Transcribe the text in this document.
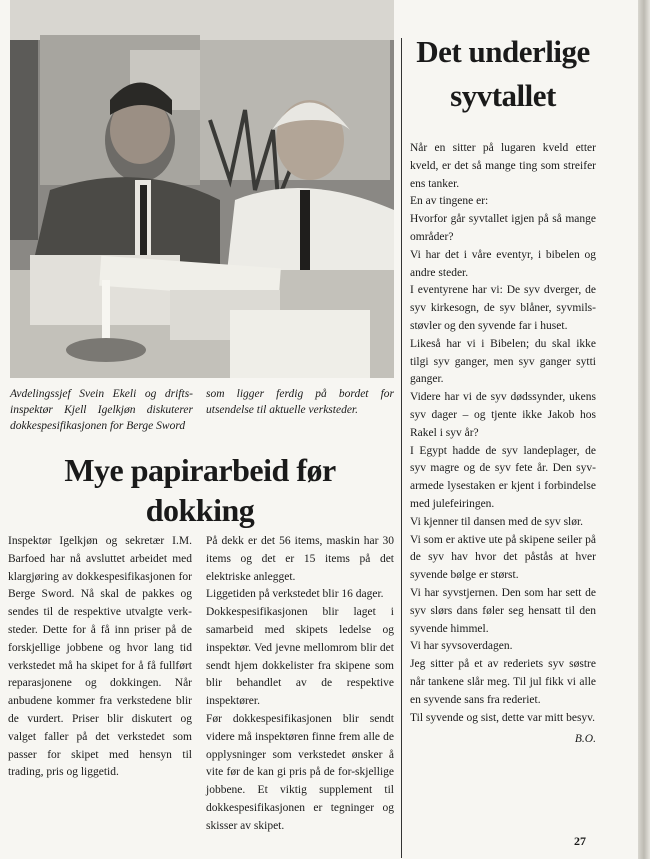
Avdelingssjef Svein Ekeli og drifts-inspektør Kjell Igelkjøn diskuterer dokkespesifikasjonen for Berge Sword
som ligger ferdig på bordet for utsendelse til aktuelle verksteder.
Det underlige syvtallet

Når en sitter på lugaren kveld etter kveld, er det så mange ting som streifer ens tanker.

En av tingene er:

Hvorfor går syvtallet igjen på så mange områder?

Vi har det i våre eventyr, i bibelen og andre steder.

I eventyrene har vi: De syv dverger, de syv kirkesogn, de syv blåner, syvmils-støvler og den syvende far i huset.

Likeså har vi i Bibelen; du skal ikke tilgi syv ganger, men syv ganger sytti ganger.

Videre har vi de syv dødssynder, ukens syv dager – og tjente ikke Jakob hos Rakel i syv år?

I Egypt hadde de syv landeplager, de syv magre og de syv fete år. Den syv-armede lysestaken er kjent i forbindelse med julefeiringen.

Vi kjenner til dansen med de syv slør.

Vi som er aktive ute på skipene seiler på de syv hav hvor det påstås at hver syvende bølge er størst.

Vi har syvstjernen. Den som har sett de syv slørs dans føler seg hensatt til den syvende himmel.

Vi har syvsoverdagen.

Jeg sitter på et av rederiets syv søstre når tankene slår meg. Til jul fikk vi alle en syvende sans fra rederiet.

Til syvende og sist, dette var mitt besyv.

B.O.
Mye papirarbeid før dokking

Inspektør Igelkjøn og sekretær I.M. Barfoed har nå avsluttet arbeidet med klargjøring av dokkespesifikasjonen for Berge Sword. Nå skal de pakkes og sendes til de respektive utvalgte verk-steder. Dette for å få inn priser på de forskjellige jobbene og hvor lang tid verkstedet må ha skipet for å få fullført reparasjonene og dokkingen. Når anbudene kommer fra verkstedene blir de vurdert. Priser blir diskutert og valget faller på det verkstedet som passer for skipet med hensyn til trading, pris og liggetid.

På dekk er det 56 items, maskin har 30 items og det er 15 items på det elektriske anlegget.

Liggetiden på verkstedet blir 16 dager.

Dokkespesifikasjonen blir laget i samarbeid med skipets ledelse og inspektør. Ved jevne mellomrom blir det sendt hjem dokkelister fra skipene som blir behandlet av de respektive inspektører.

Før dokkespesifikasjonen blir sendt videre må inspektøren finne frem alle de opplysninger som verkstedet ønsker å vite før de kan gi pris på de for-skjellige jobbene. Et viktig supplement til dokkespesifikasjonen er tegninger og skisser av skipet.

27
